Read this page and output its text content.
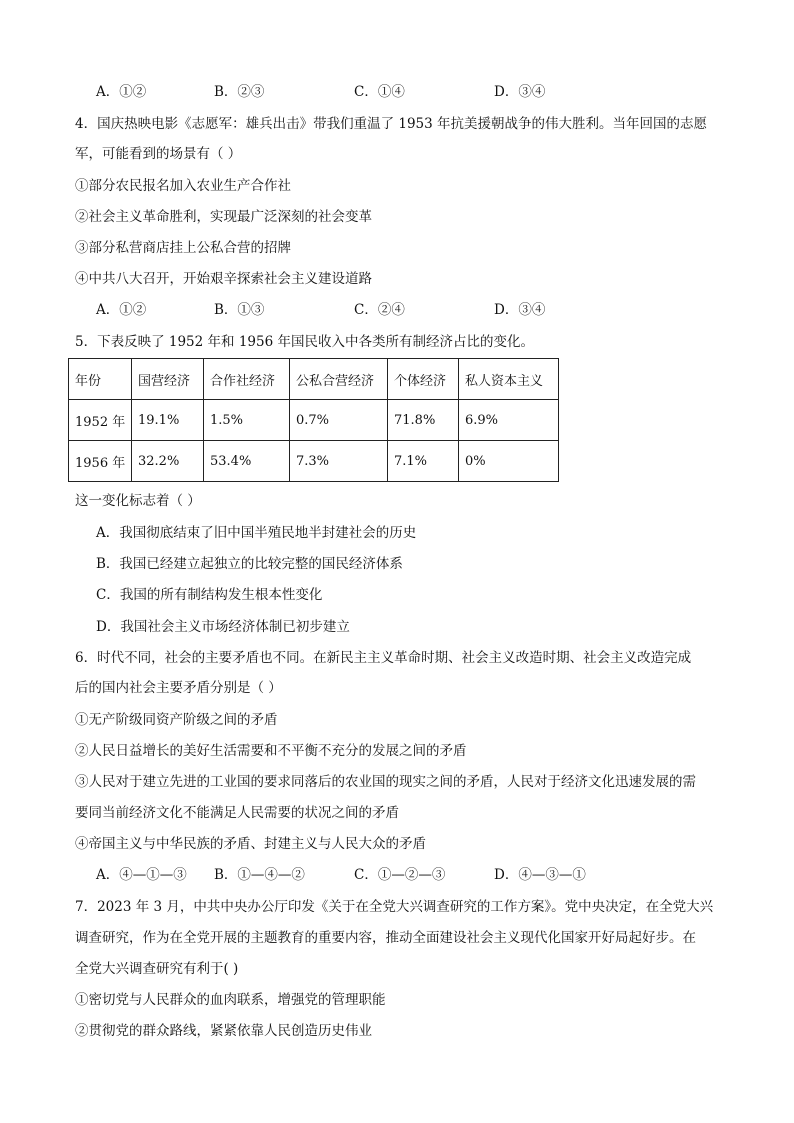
A．①②	B．②③	C．①④	D．③④
4．国庆热映电影《志愿军：雄兵出击》带我们重温了 1953 年抗美援朝战争的伟大胜利。当年回国的志愿
军，可能看到的场景有（ ）
①部分农民报名加入农业生产合作社
②社会主义革命胜利，实现最广泛深刻的社会变革
③部分私营商店挂上公私合营的招牌
④中共八大召开，开始艰辛探索社会主义建设道路
A．①②	B．①③	C．②④	D．③④
5．下表反映了 1952 年和 1956 年国民收入中各类所有制经济占比的变化。
年份	国营经济	合作社经济	公私合营经济	个体经济	私人资本主义
1952 年	19.1%	1.5%	0.7%	71.8%	6.9%
1956 年	32.2%	53.4%	7.3%	7.1%	0%
这一变化标志着（ ）
A．我国彻底结束了旧中国半殖民地半封建社会的历史
B．我国已经建立起独立的比较完整的国民经济体系
C．我国的所有制结构发生根本性变化
D．我国社会主义市场经济体制已初步建立
6．时代不同，社会的主要矛盾也不同。在新民主主义革命时期、社会主义改造时期、社会主义改造完成
后的国内社会主要矛盾分别是（ ）
①无产阶级同资产阶级之间的矛盾
②人民日益增长的美好生活需要和不平衡不充分的发展之间的矛盾
③人民对于建立先进的工业国的要求同落后的农业国的现实之间的矛盾，人民对于经济文化迅速发展的需
要同当前经济文化不能满足人民需要的状况之间的矛盾
④帝国主义与中华民族的矛盾、封建主义与人民大众的矛盾
A．④—①—③ B．①—④—②	C．①—②—③	D．④—③—①
7．2023 年 3 月，中共中央办公厅印发《关于在全党大兴调查研究的工作方案》。党中央决定，在全党大兴
调查研究，作为在全党开展的主题教育的重要内容，推动全面建设社会主义现代化国家开好局起好步。在
全党大兴调查研究有利于( )
①密切党与人民群众的血肉联系，增强党的管理职能
②贯彻党的群众路线，紧紧依靠人民创造历史伟业
